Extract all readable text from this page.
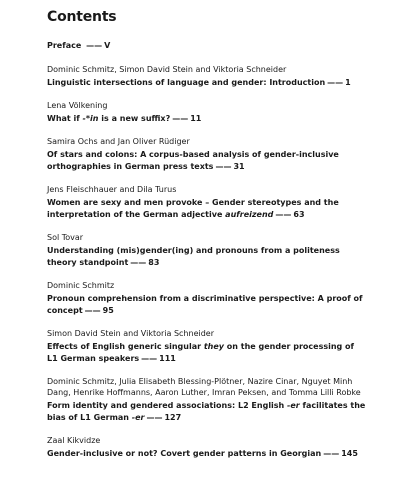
Contents
Preface —— V
Dominic Schmitz, Simon David Stein and Viktoria Schneider
Linguistic intersections of language and gender: Introduction —— 1
Lena Völkening
What if -*in is a new suffix? —— 11
Samira Ochs and Jan Oliver Rüdiger
Of stars and colons: A corpus-based analysis of gender-inclusive orthographies in German press texts —— 31
Jens Fleischhauer and Dila Turus
Women are sexy and men provoke – Gender stereotypes and the interpretation of the German adjective aufreizend —— 63
Sol Tovar
Understanding (mis)gender(ing) and pronouns from a politeness theory standpoint —— 83
Dominic Schmitz
Pronoun comprehension from a discriminative perspective: A proof of concept —— 95
Simon David Stein and Viktoria Schneider
Effects of English generic singular they on the gender processing of L1 German speakers —— 111
Dominic Schmitz, Julia Elisabeth Blessing-Plötner, Nazire Cinar, Nguyet Minh Dang, Henrike Hoffmanns, Aaron Luther, Imran Peksen, and Tomma Lilli Robke
Form identity and gendered associations: L2 English -er facilitates the bias of L1 German -er —— 127
Zaal Kikvidze
Gender-inclusive or not? Covert gender patterns in Georgian —— 145
